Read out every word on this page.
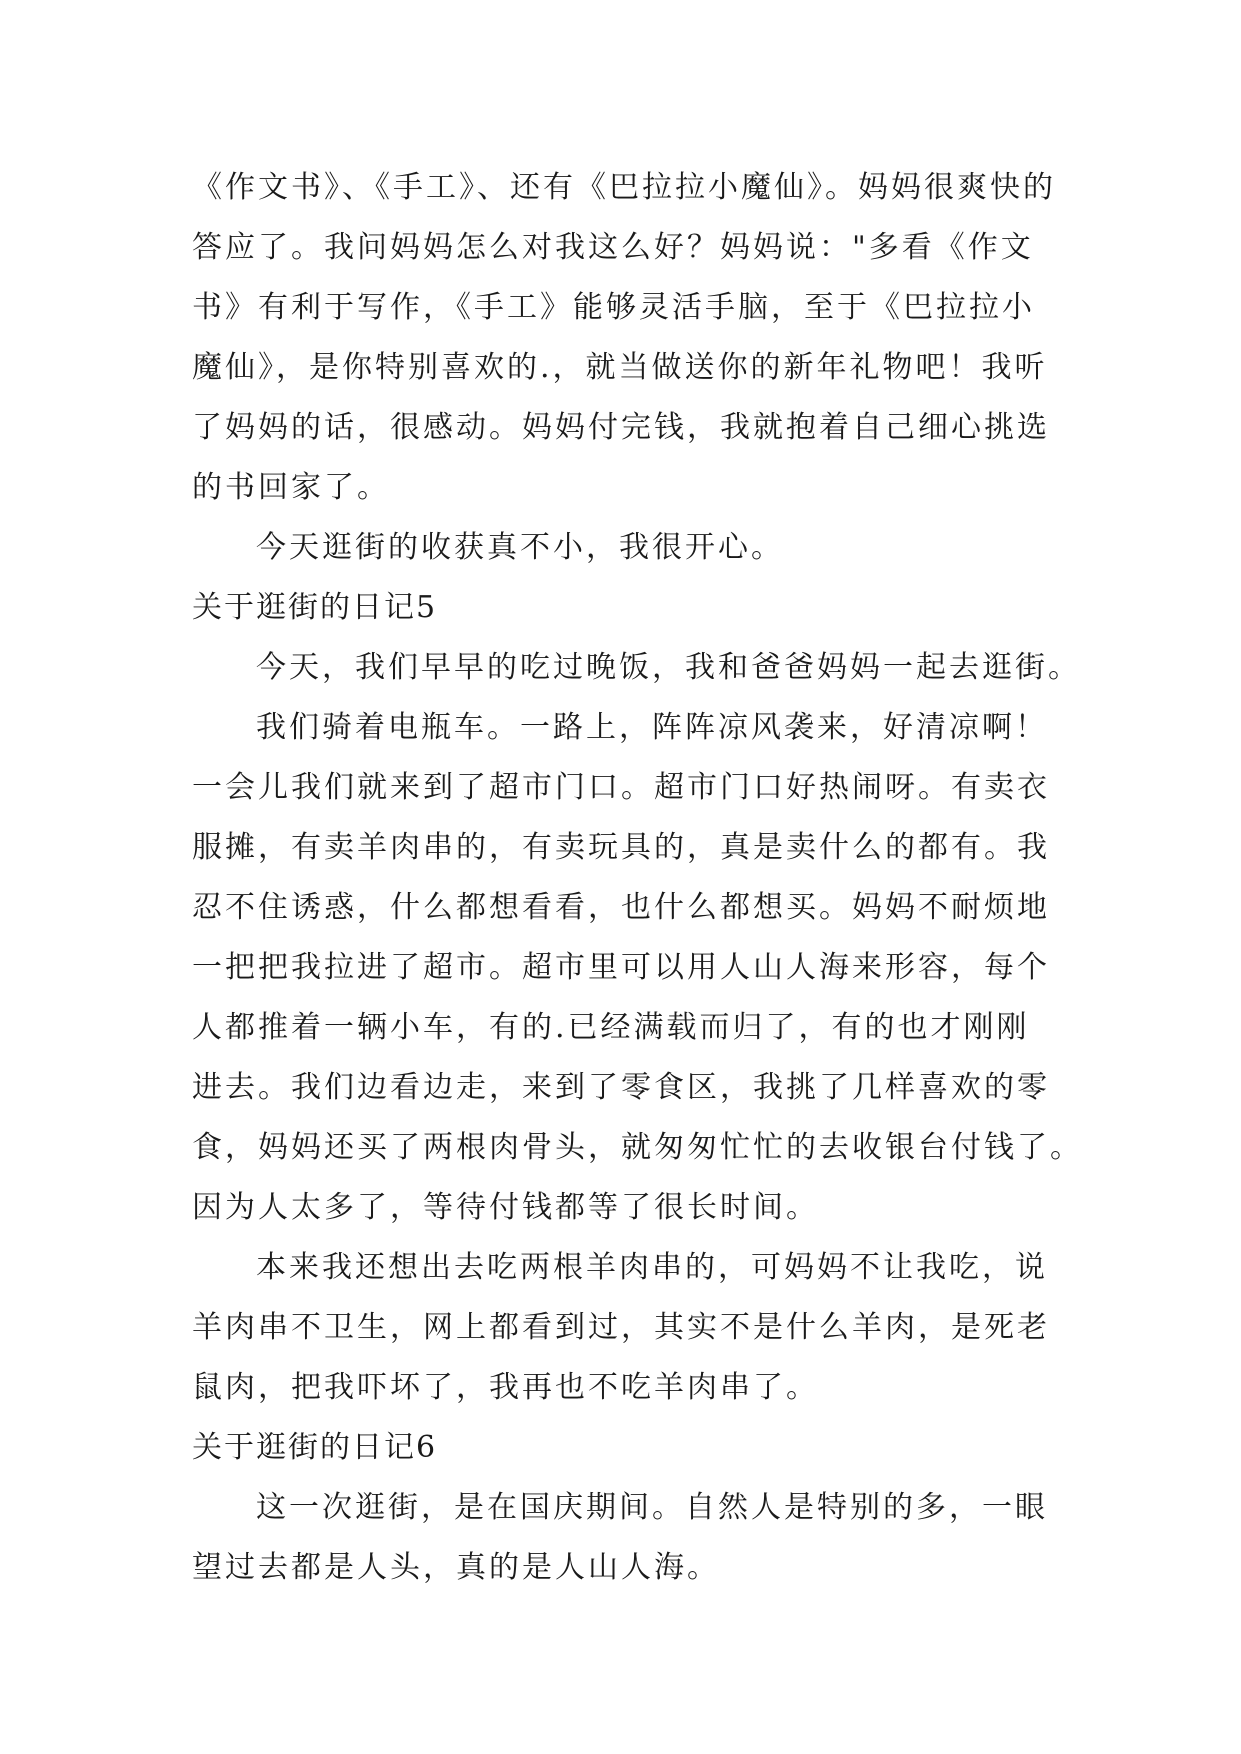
《作文书》、《手工》、还有《巴拉拉小魔仙》。妈妈很爽快的
答应了。我问妈妈怎么对我这么好？妈妈说："多看《作文
书》有利于写作，《手工》能够灵活手脑，至于《巴拉拉小
魔仙》，是你特别喜欢的.，就当做送你的新年礼物吧！我听
了妈妈的话，很感动。妈妈付完钱，我就抱着自己细心挑选
的书回家了。
今天逛街的收获真不小，我很开心。
关于逛街的日记5
今天，我们早早的吃过晚饭，我和爸爸妈妈一起去逛街。
我们骑着电瓶车。一路上，阵阵凉风袭来，好清凉啊！
一会儿我们就来到了超市门口。超市门口好热闹呀。有卖衣
服摊，有卖羊肉串的，有卖玩具的，真是卖什么的都有。我
忍不住诱惑，什么都想看看，也什么都想买。妈妈不耐烦地
一把把我拉进了超市。超市里可以用人山人海来形容，每个
人都推着一辆小车，有的.已经满载而归了，有的也才刚刚
进去。我们边看边走，来到了零食区，我挑了几样喜欢的零
食，妈妈还买了两根肉骨头，就匆匆忙忙的去收银台付钱了。
因为人太多了，等待付钱都等了很长时间。
本来我还想出去吃两根羊肉串的，可妈妈不让我吃，说
羊肉串不卫生，网上都看到过，其实不是什么羊肉，是死老
鼠肉，把我吓坏了，我再也不吃羊肉串了。
关于逛街的日记6
这一次逛街，是在国庆期间。自然人是特别的多，一眼
望过去都是人头，真的是人山人海。
